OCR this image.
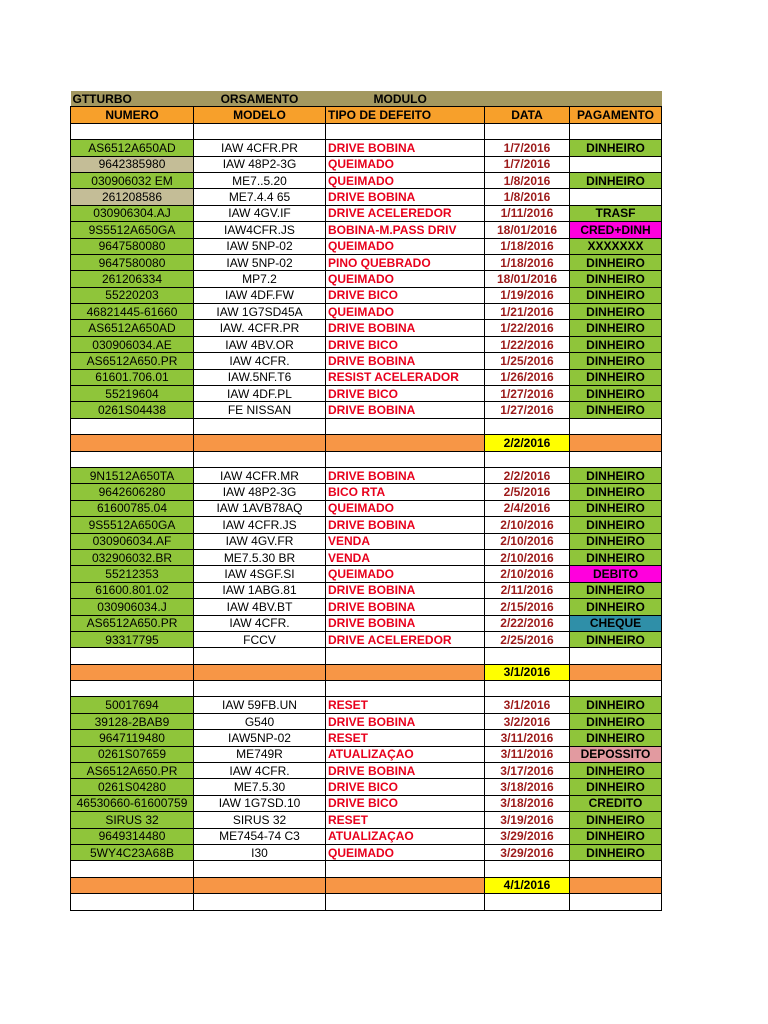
GTTURBO	ORSAMENTO	MODULO		
NUMERO	MODELO	TIPO DE DEFEITO	DATA	PAGAMENTO

AS6512A650AD	IAW 4CFR.PR	DRIVE BOBINA	1/7/2016	DINHEIRO
9642385980	IAW 48P2-3G	QUEIMADO	1/7/2016	
030906032 EM	ME7..5.20	QUEIMADO	1/8/2016	DINHEIRO
261208586	ME7.4.4 65	DRIVE BOBINA	1/8/2016	
030906304.AJ	IAW 4GV.IF	DRIVE ACELEREDOR	1/11/2016	TRASF
9S5512A650GA	IAW4CFR.JS	BOBINA-M.PASS DRIV	18/01/2016	CRED+DINH
9647580080	IAW 5NP-02	QUEIMADO	1/18/2016	XXXXXXX
9647580080	IAW 5NP-02	PINO QUEBRADO	1/18/2016	DINHEIRO
261206334	MP7.2	QUEIMADO	18/01/2016	DINHEIRO
55220203	IAW 4DF.FW	DRIVE BICO	1/19/2016	DINHEIRO
46821445-61660	IAW 1G7SD45A	QUEIMADO	1/21/2016	DINHEIRO
AS6512A650AD	IAW. 4CFR.PR	DRIVE BOBINA	1/22/2016	DINHEIRO
030906034.AE	IAW 4BV.OR	DRIVE BICO	1/22/2016	DINHEIRO
AS6512A650.PR	IAW 4CFR.	DRIVE BOBINA	1/25/2016	DINHEIRO
61601.706.01	IAW.5NF.T6	RESIST ACELERADOR	1/26/2016	DINHEIRO
55219604	IAW 4DF.PL	DRIVE BICO	1/27/2016	DINHEIRO
0261S04438	FE NISSAN	DRIVE BOBINA	1/27/2016	DINHEIRO

			2/2/2016	

9N1512A650TA	IAW 4CFR.MR	DRIVE BOBINA	2/2/2016	DINHEIRO
9642606280	IAW 48P2-3G	BICO RTA	2/5/2016	DINHEIRO
61600785.04	IAW 1AVB78AQ	QUEIMADO	2/4/2016	DINHEIRO
9S5512A650GA	IAW 4CFR.JS	DRIVE BOBINA	2/10/2016	DINHEIRO
030906034.AF	IAW 4GV.FR	VENDA	2/10/2016	DINHEIRO
032906032.BR	ME7.5.30 BR	VENDA	2/10/2016	DINHEIRO
55212353	IAW 4SGF.SI	QUEIMADO	2/10/2016	DEBITO
61600.801.02	IAW 1ABG.81	DRIVE BOBINA	2/11/2016	DINHEIRO
030906034.J	IAW 4BV.BT	DRIVE BOBINA	2/15/2016	DINHEIRO
AS6512A650.PR	IAW 4CFR.	DRIVE BOBINA	2/22/2016	CHEQUE
93317795	FCCV	DRIVE ACELEREDOR	2/25/2016	DINHEIRO

			3/1/2016	

50017694	IAW 59FB.UN	RESET	3/1/2016	DINHEIRO
39128-2BAB9	G540	DRIVE BOBINA	3/2/2016	DINHEIRO
9647119480	IAW5NP-02	RESET	3/11/2016	DINHEIRO
0261S07659	ME749R	ATUALIZAÇAO	3/11/2016	DEPOSSITO
AS6512A650.PR	IAW 4CFR.	DRIVE BOBINA	3/17/2016	DINHEIRO
0261S04280	ME7.5.30	DRIVE BICO	3/18/2016	DINHEIRO
46530660-61600759	IAW 1G7SD.10	DRIVE BICO	3/18/2016	CREDITO
SIRUS 32	SIRUS 32	RESET	3/19/2016	DINHEIRO
9649314480	ME7454-74 C3	ATUALIZAÇAO	3/29/2016	DINHEIRO
5WY4C23A68B	I30	QUEIMADO	3/29/2016	DINHEIRO

			4/1/2016	
